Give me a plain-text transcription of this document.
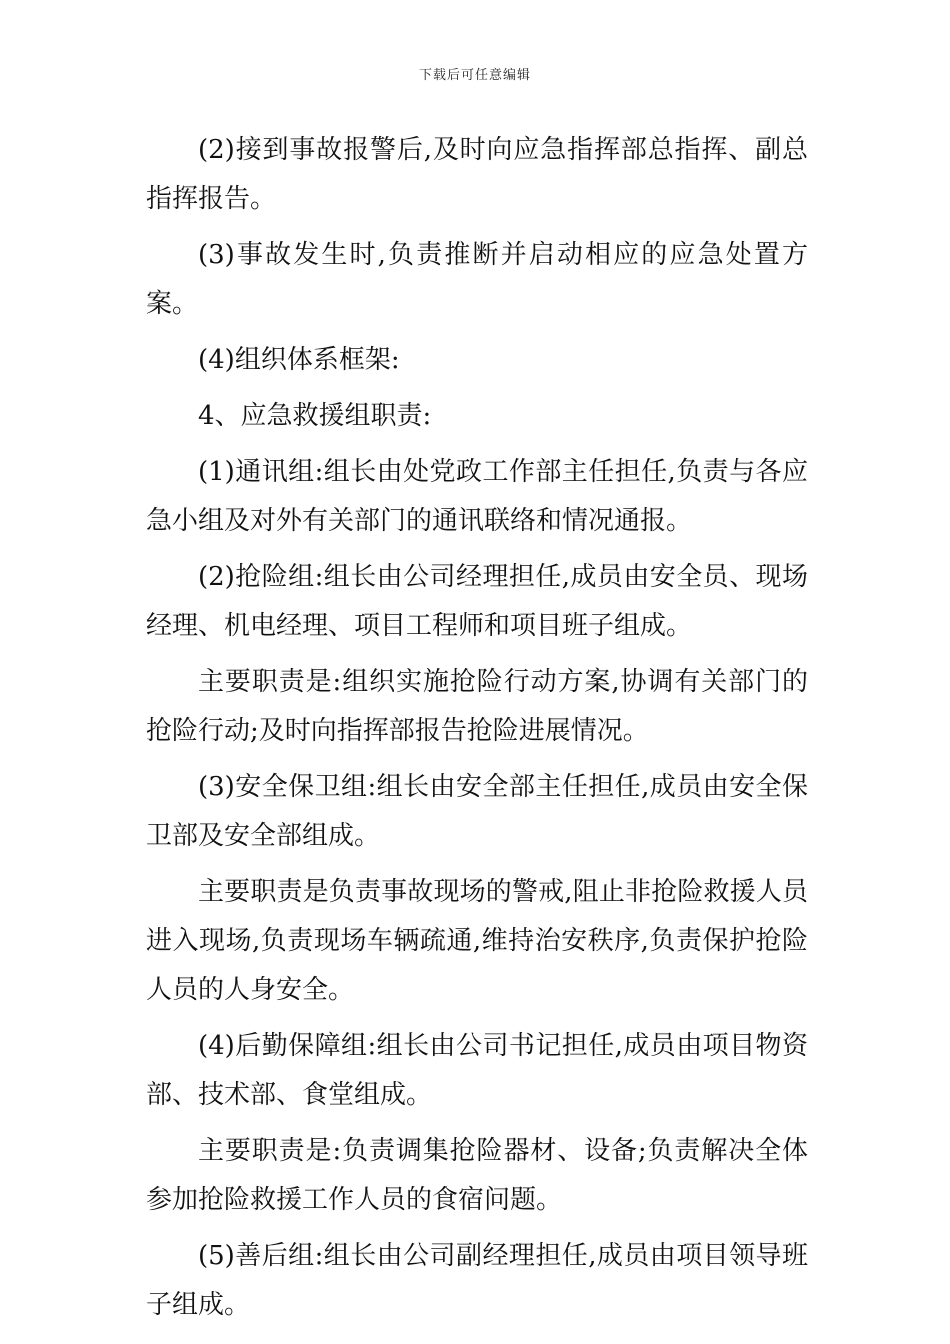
下载后可任意编辑

(2)接到事故报警后,及时向应急指挥部总指挥、副总指挥报告。

(3)事故发生时,负责推断并启动相应的应急处置方案。

(4)组织体系框架:

4、应急救援组职责:

(1)通讯组:组长由处党政工作部主任担任,负责与各应急小组及对外有关部门的通讯联络和情况通报。

(2)抢险组:组长由公司经理担任,成员由安全员、现场经理、机电经理、项目工程师和项目班子组成。

主要职责是:组织实施抢险行动方案,协调有关部门的抢险行动;及时向指挥部报告抢险进展情况。

(3)安全保卫组:组长由安全部主任担任,成员由安全保卫部及安全部组成。

主要职责是负责事故现场的警戒,阻止非抢险救援人员进入现场,负责现场车辆疏通,维持治安秩序,负责保护抢险人员的人身安全。

(4)后勤保障组:组长由公司书记担任,成员由项目物资部、技术部、食堂组成。

主要职责是:负责调集抢险器材、设备;负责解决全体参加抢险救援工作人员的食宿问题。

(5)善后组:组长由公司副经理担任,成员由项目领导班子组成。
